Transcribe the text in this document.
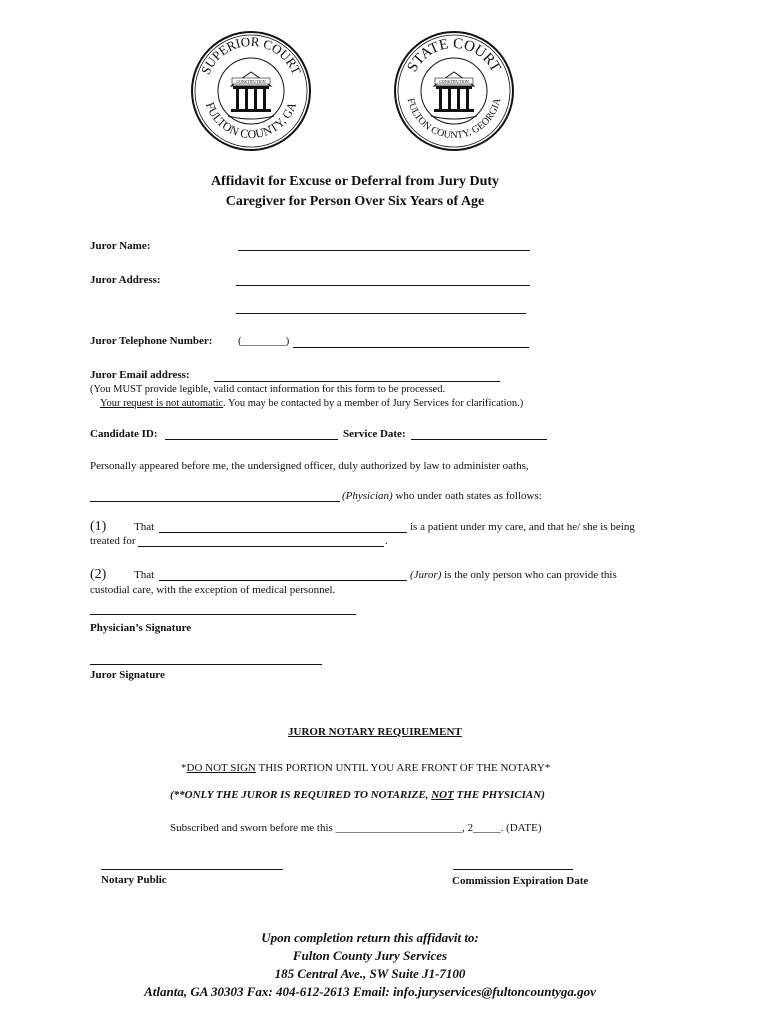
SUPERIOR COURT
FULTON COUNTY, GA
CONSTITUTION
STATE COURT
FULTON COUNTY, GEORGIA
CONSTITUTION
Affidavit for Excuse or Deferral from Jury Duty
Caregiver for Person Over Six Years of Age
Juror Name:
Juror Address:
Juror Telephone Number: (________)
Juror Email address:
(You MUST provide legible, valid contact information for this form to be processed.
Your request is not automatic. You may be contacted by a member of Jury Services for clarification.)
Candidate ID:	Service Date:
Personally appeared before me, the undersigned officer, duly authorized by law to administer oaths,
(Physician) who under oath states as follows:
(1)	That	is a patient under my care, and that he/ she is being
treated for	.
(2)	That	(Juror) is the only person who can provide this
custodial care, with the exception of medical personnel.
Physician’s Signature
Juror Signature
JUROR NOTARY REQUIREMENT
*DO NOT SIGN THIS PORTION UNTIL YOU ARE FRONT OF THE NOTARY*
(**ONLY THE JUROR IS REQUIRED TO NOTARIZE, NOT THE PHYSICIAN)
Subscribed and sworn before me this _______________________, 2_____. (DATE)
Notary Public	Commission Expiration Date
Upon completion return this affidavit to:
Fulton County Jury Services
185 Central Ave., SW Suite J1-7100
Atlanta, GA 30303 Fax: 404-612-2613 Email: info.juryservices@fultoncountyga.gov
